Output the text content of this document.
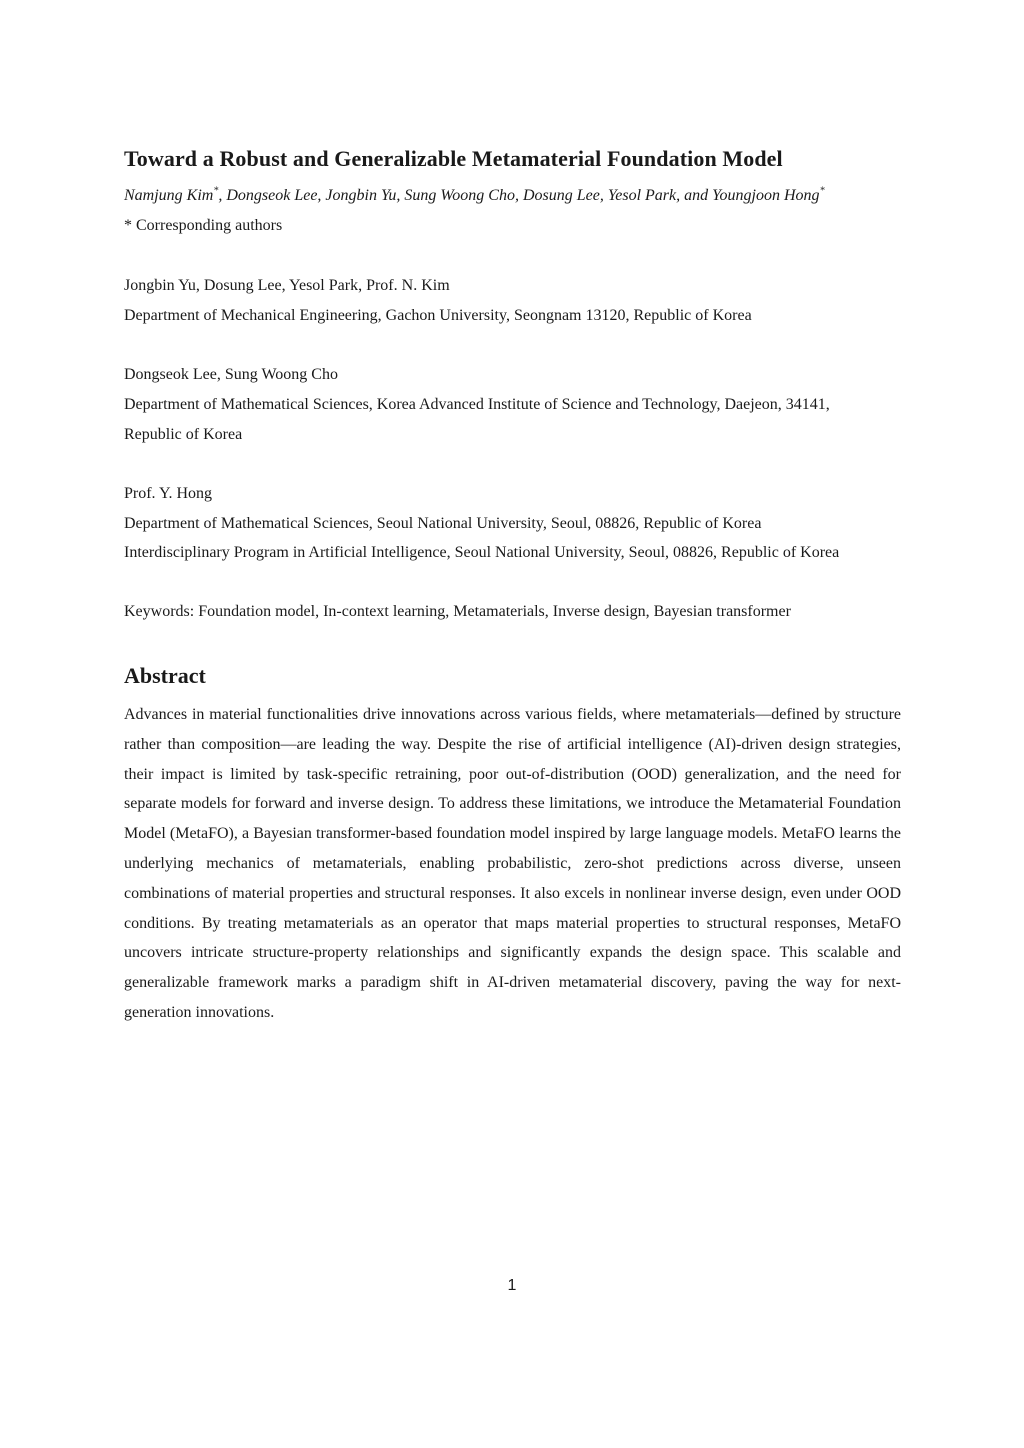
Toward a Robust and Generalizable Metamaterial Foundation Model
Namjung Kim*, Dongseok Lee, Jongbin Yu, Sung Woong Cho, Dosung Lee, Yesol Park, and Youngjoon Hong*
* Corresponding authors
Jongbin Yu, Dosung Lee, Yesol Park, Prof. N. Kim
Department of Mechanical Engineering, Gachon University, Seongnam 13120, Republic of Korea
Dongseok Lee, Sung Woong Cho
Department of Mathematical Sciences, Korea Advanced Institute of Science and Technology, Daejeon, 34141,
Republic of Korea
Prof. Y. Hong
Department of Mathematical Sciences, Seoul National University, Seoul, 08826, Republic of Korea
Interdisciplinary Program in Artificial Intelligence, Seoul National University, Seoul, 08826, Republic of Korea
Keywords: Foundation model, In-context learning, Metamaterials, Inverse design, Bayesian transformer
Abstract

Advances in material functionalities drive innovations across various fields, where metamaterials—defined by structure rather than composition—are leading the way. Despite the rise of artificial intelligence (AI)-driven design strategies, their impact is limited by task-specific retraining, poor out-of-distribution (OOD) generalization, and the need for separate models for forward and inverse design. To address these limitations, we introduce the Metamaterial Foundation Model (MetaFO), a Bayesian transformer-based foundation model inspired by large language models. MetaFO learns the underlying mechanics of metamaterials, enabling probabilistic, zero-shot predictions across diverse, unseen combinations of material properties and structural responses. It also excels in nonlinear inverse design, even under OOD conditions. By treating metamaterials as an operator that maps material properties to structural responses, MetaFO uncovers intricate structure-property relationships and significantly expands the design space. This scalable and generalizable framework marks a paradigm shift in AI-driven metamaterial discovery, paving the way for next-generation innovations.

1
